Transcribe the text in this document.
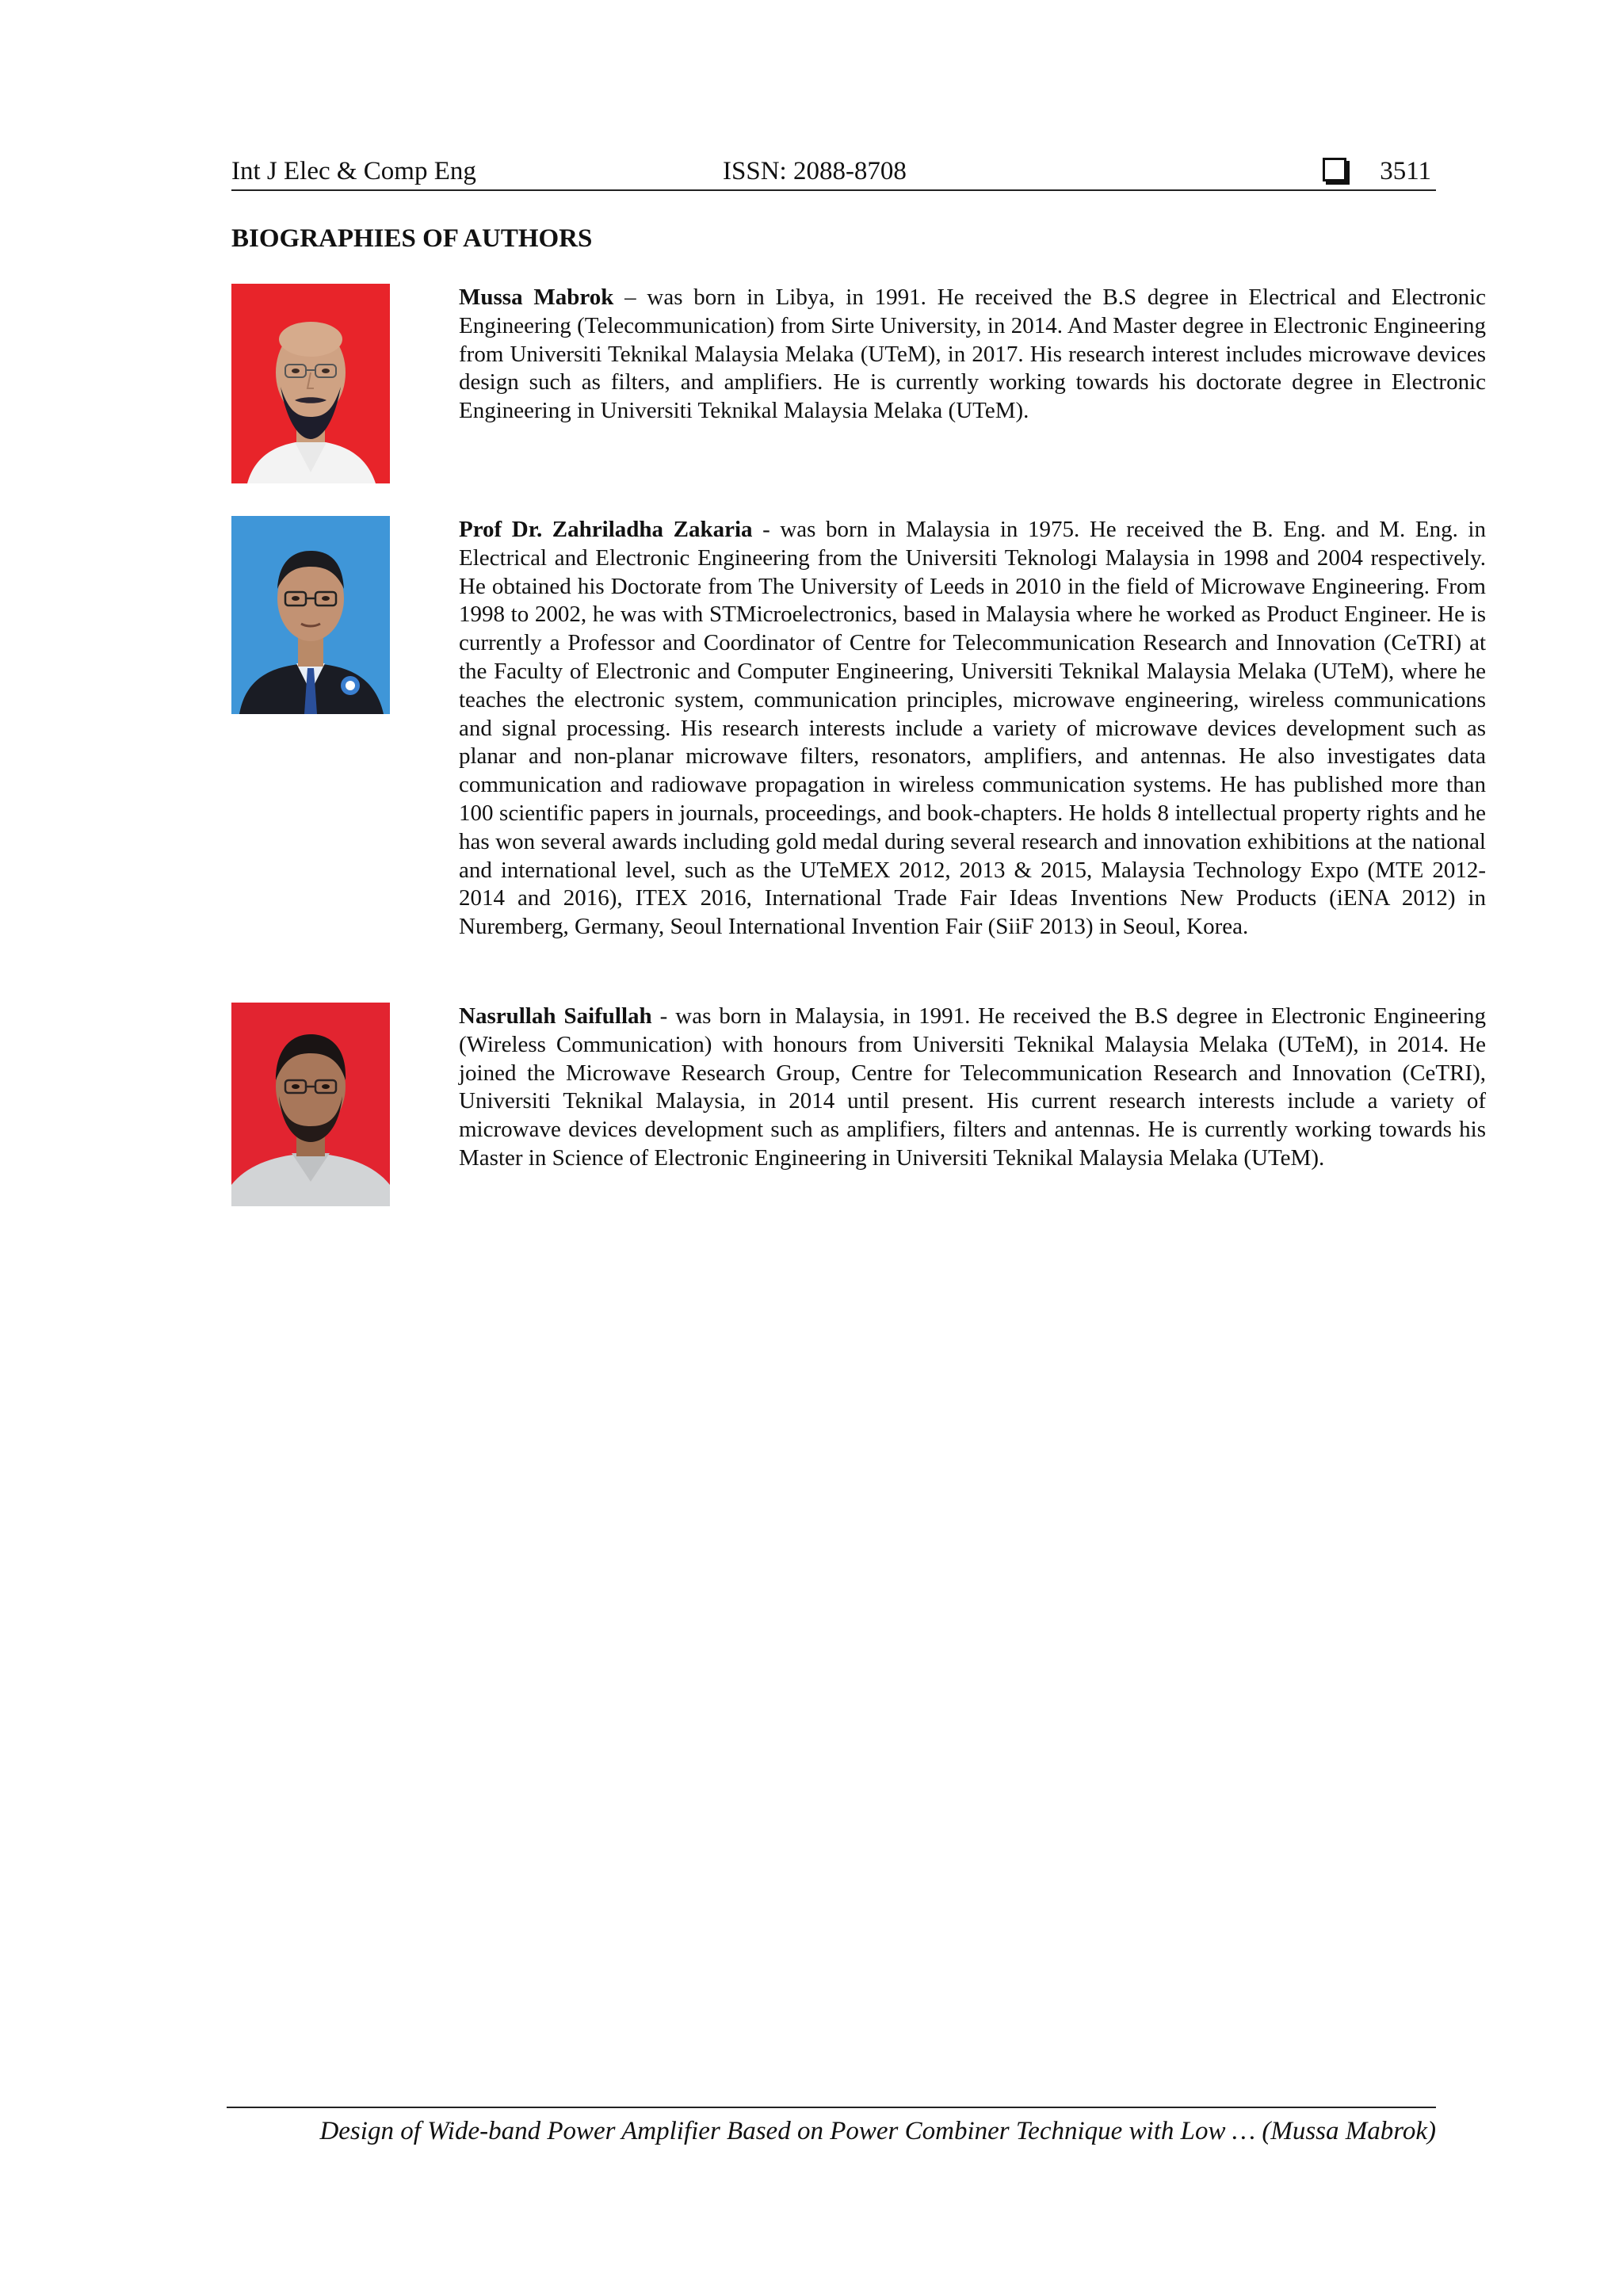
Int J Elec & Comp Eng	ISSN: 2088-8708	3511
BIOGRAPHIES OF AUTHORS

Mussa Mabrok – was born in Libya, in 1991. He received the B.S degree in Electrical and Electronic Engineering (Telecommunication) from Sirte University, in 2014. And Master degree in Electronic Engineering from Universiti Teknikal Malaysia Melaka (UTeM), in 2017. His research interest includes microwave devices design such as filters, and amplifiers. He is currently working towards his doctorate degree in Electronic Engineering in Universiti Teknikal Malaysia Melaka (UTeM).

Prof Dr. Zahriladha Zakaria - was born in Malaysia in 1975. He received the B. Eng. and M. Eng. in Electrical and Electronic Engineering from the Universiti Teknologi Malaysia in 1998 and 2004 respectively. He obtained his Doctorate from The University of Leeds in 2010 in the field of Microwave Engineering. From 1998 to 2002, he was with STMicroelectronics, based in Malaysia where he worked as Product Engineer. He is currently a Professor and Coordinator of Centre for Telecommunication Research and Innovation (CeTRI) at the Faculty of Electronic and Computer Engineering, Universiti Teknikal Malaysia Melaka (UTeM), where he teaches the electronic system, communication principles, microwave engineering, wireless communications and signal processing. His research interests include a variety of microwave devices development such as planar and non-planar microwave filters, resonators, amplifiers, and antennas. He also investigates data communication and radiowave propagation in wireless communication systems. He has published more than 100 scientific papers in journals, proceedings, and book-chapters. He holds 8 intellectual property rights and he has won several awards including gold medal during several research and innovation exhibitions at the national and international level, such as the UTeMEX 2012, 2013 & 2015, Malaysia Technology Expo (MTE 2012-2014 and 2016), ITEX 2016, International Trade Fair Ideas Inventions New Products (iENA 2012) in Nuremberg, Germany, Seoul International Invention Fair (SiiF 2013) in Seoul, Korea.

Nasrullah Saifullah - was born in Malaysia, in 1991. He received the B.S degree in Electronic Engineering (Wireless Communication) with honours from Universiti Teknikal Malaysia Melaka (UTeM), in 2014. He joined the Microwave Research Group, Centre for Telecommunication Research and Innovation (CeTRI), Universiti Teknikal Malaysia, in 2014 until present. His current research interests include a variety of microwave devices development such as amplifiers, filters and antennas. He is currently working towards his Master in Science of Electronic Engineering in Universiti Teknikal Malaysia Melaka (UTeM).

Design of Wide-band Power Amplifier Based on Power Combiner Technique with Low … (Mussa Mabrok)
